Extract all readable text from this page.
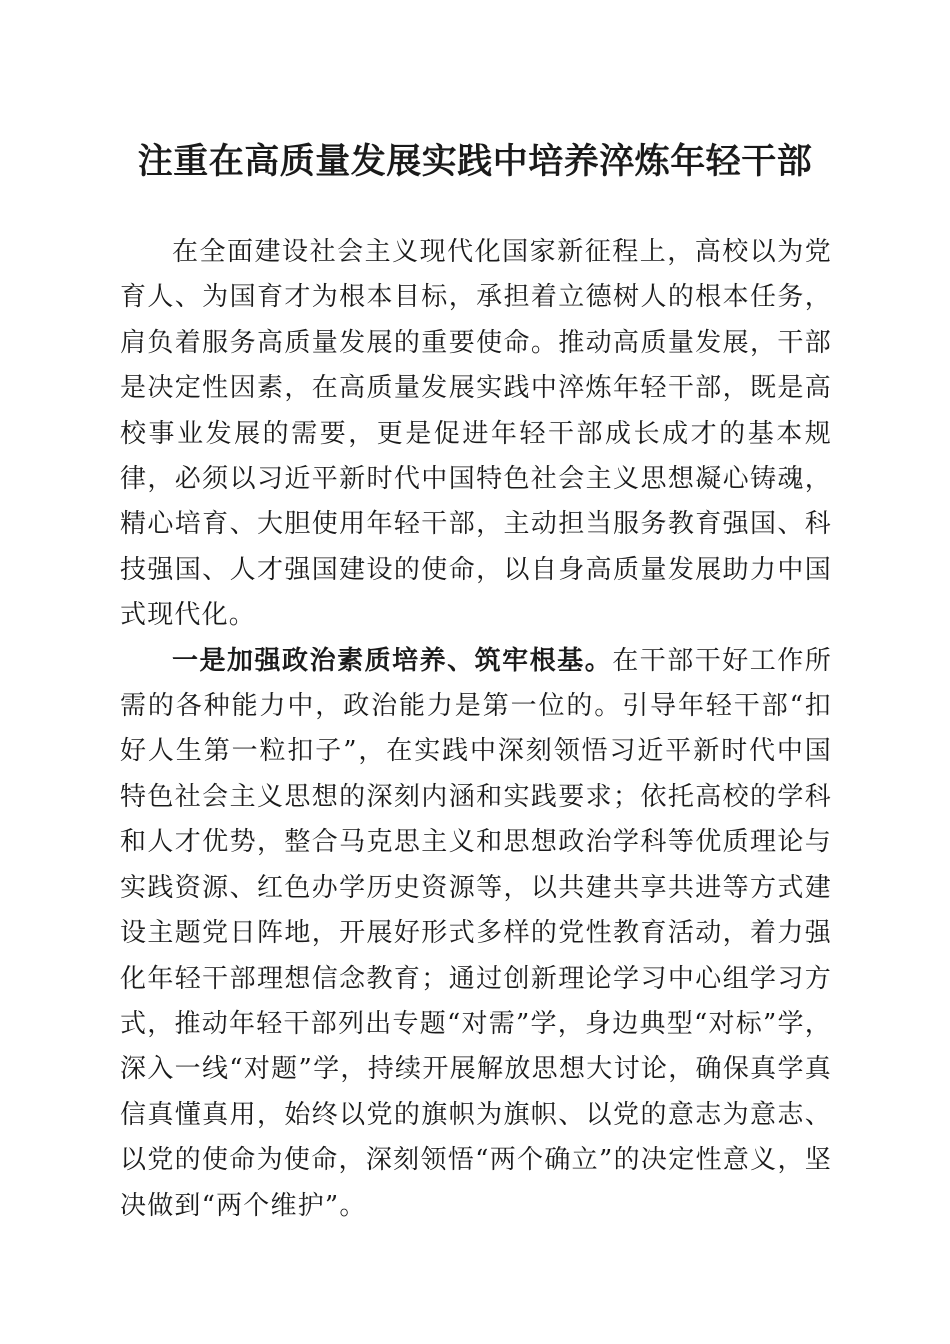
注重在高质量发展实践中培养淬炼年轻干部

在全面建设社会主义现代化国家新征程上，高校以为党育人、为国育才为根本目标，承担着立德树人的根本任务，肩负着服务高质量发展的重要使命。推动高质量发展，干部是决定性因素，在高质量发展实践中淬炼年轻干部，既是高校事业发展的需要，更是促进年轻干部成长成才的基本规律，必须以习近平新时代中国特色社会主义思想凝心铸魂，精心培育、大胆使用年轻干部，主动担当服务教育强国、科技强国、人才强国建设的使命，以自身高质量发展助力中国式现代化。

一是加强政治素质培养、筑牢根基。在干部干好工作所需的各种能力中，政治能力是第一位的。引导年轻干部“扣好人生第一粒扣子”，在实践中深刻领悟习近平新时代中国特色社会主义思想的深刻内涵和实践要求；依托高校的学科和人才优势，整合马克思主义和思想政治学科等优质理论与实践资源、红色办学历史资源等，以共建共享共进等方式建设主题党日阵地，开展好形式多样的党性教育活动，着力强化年轻干部理想信念教育；通过创新理论学习中心组学习方式，推动年轻干部列出专题“对需”学，身边典型“对标”学，深入一线“对题”学，持续开展解放思想大讨论，确保真学真信真懂真用，始终以党的旗帜为旗帜、以党的意志为意志、以党的使命为使命，深刻领悟“两个确立”的决定性意义，坚决做到“两个维护”。
